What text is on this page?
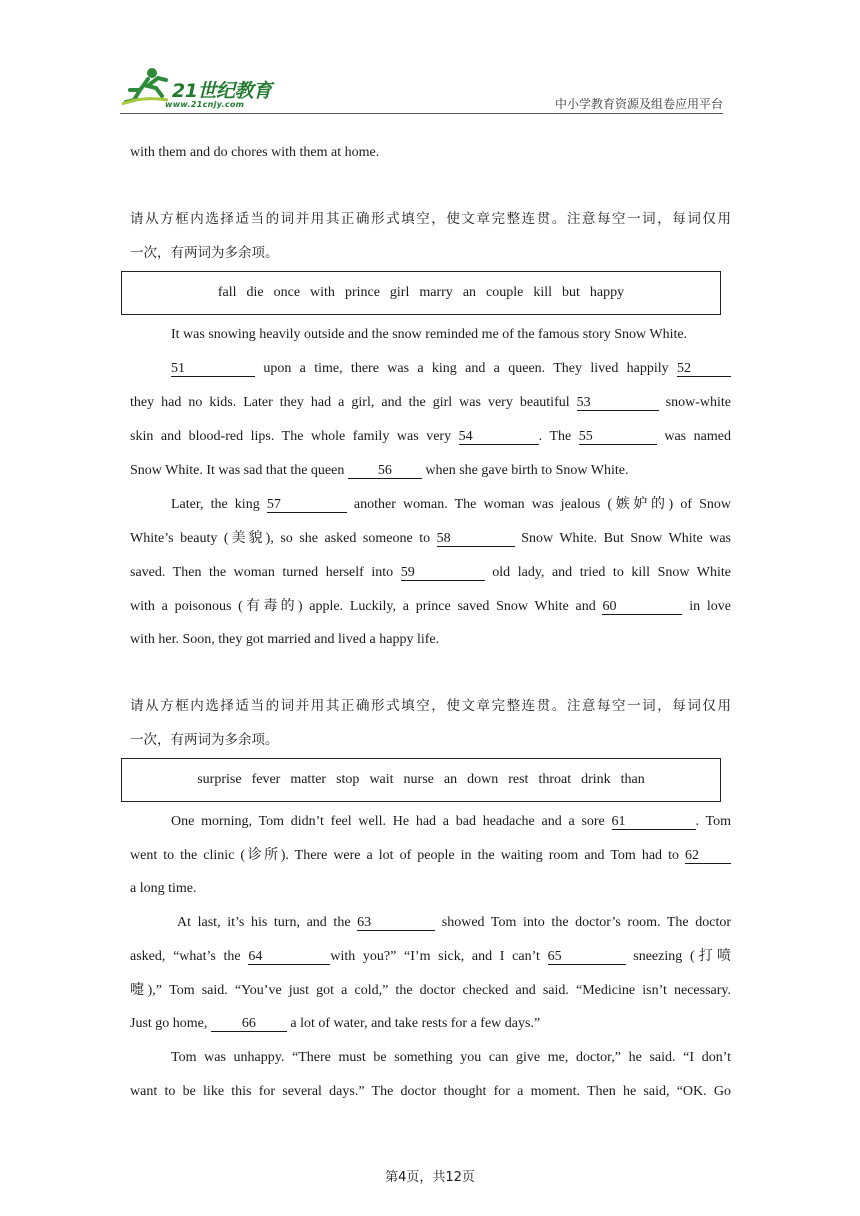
21世纪教育
www.21cnjy.com	中小学教育资源及组卷应用平台
with them and do chores with them at home.
请从方框内选择适当的词并用其正确形式填空，使文章完整连贯。注意每空一词，每词仅用
一次，有两词为多余项。
fall die once with prince girl marry an couple kill but happy
It was snowing heavily outside and the snow reminded me of the famous story Snow White.
51	upon a time, there was a king and a queen. They lived happily 52
they had no kids. Later they had a girl, and the girl was very beautiful 53	snow-white
skin and blood-red lips. The whole family was very 54	. The 55	was named
Snow White. It was sad that the queen 56 when she gave birth to Snow White.
Later, the king 57	another woman. The woman was jealous (嫉妒的) of Snow
White’s beauty (美貌), so she asked someone to 58	Snow White. But Snow White was
saved. Then the woman turned herself into 59	old lady, and tried to kill Snow White
with a poisonous (有毒的) apple. Luckily, a prince saved Snow White and 60	in love
with her. Soon, they got married and lived a happy life.
请从方框内选择适当的词并用其正确形式填空，使文章完整连贯。注意每空一词，每词仅用
一次，有两词为多余项。
surprise fever matter stop wait nurse an down rest throat drink than
One morning, Tom didn’t feel well. He had a bad headache and a sore 61	. Tom
went to the clinic (诊所). There were a lot of people in the waiting room and Tom had to 62
a long time.
At last, it’s his turn, and the 63	showed Tom into the doctor’s room. The doctor
asked, “what’s the 64	with you?” “I’m sick, and I can’t 65	sneezing (打喷
嚏),” Tom said. “You’ve just got a cold,” the doctor checked and said. “Medicine isn’t necessary.
Just go home, 66 a lot of water, and take rests for a few days.”
Tom was unhappy. “There must be something you can give me, doctor,” he said. “I don’t
want to be like this for several days.” The doctor thought for a moment. Then he said, “OK. Go
第4页，共12页
